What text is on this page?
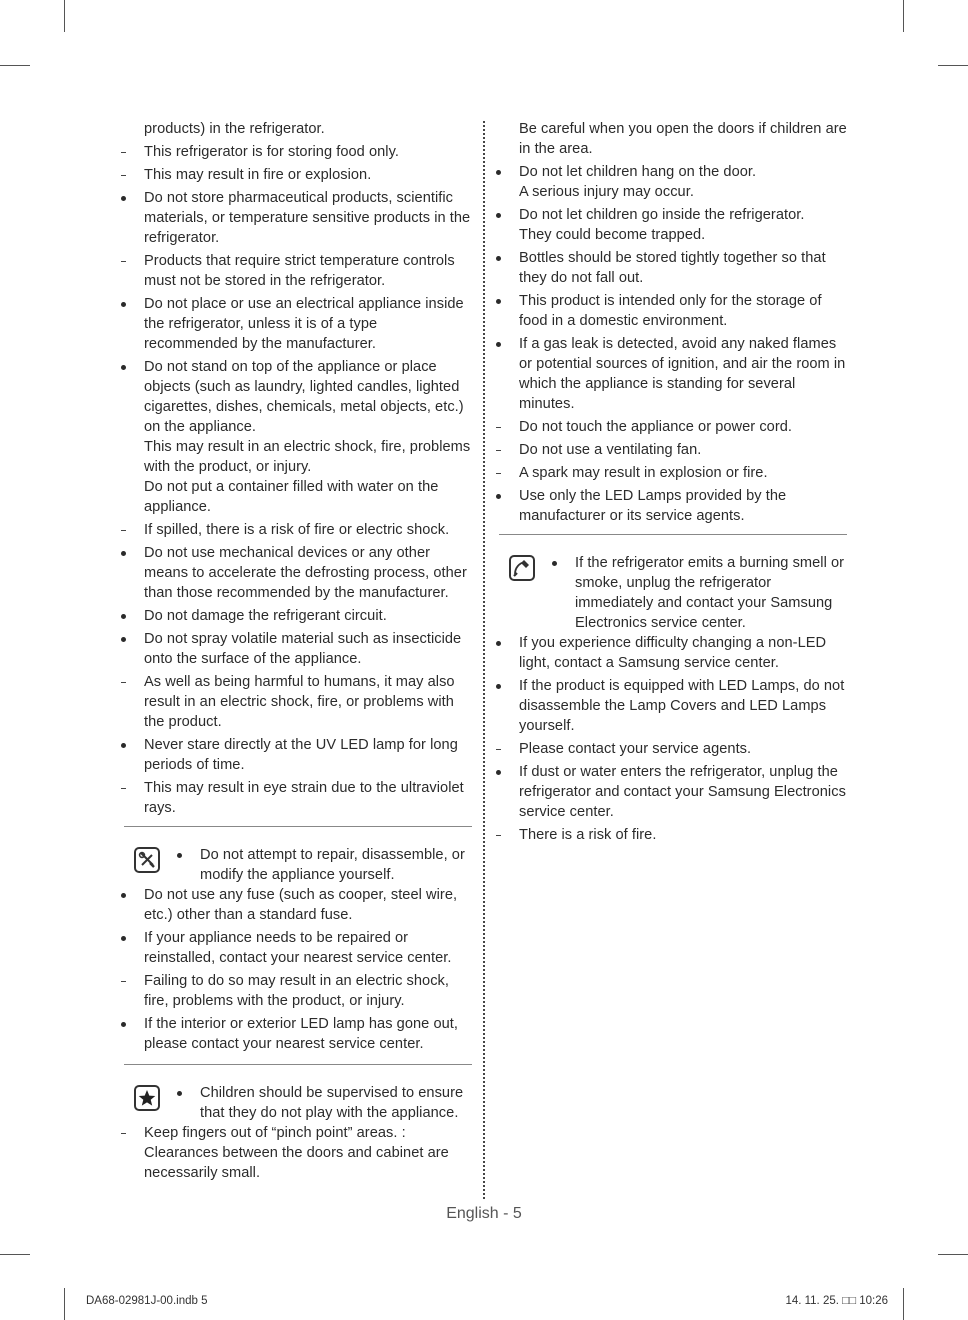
products) in the refrigerator.
This refrigerator is for storing food only.
This may result in fire or explosion.
Do not store pharmaceutical products, scientific materials, or temperature sensitive products in the refrigerator.
Products that require strict temperature controls must not be stored in the refrigerator.
Do not place or use an electrical appliance inside the refrigerator, unless it is of a type recommended by the manufacturer.
Do not stand on top of the appliance or place objects (such as laundry, lighted candles, lighted cigarettes, dishes, chemicals, metal objects, etc.) on the appliance.
This may result in an electric shock, fire, problems with the product, or injury.
Do not put a container filled with water on the appliance.
If spilled, there is a risk of fire or electric shock.
Do not use mechanical devices or any other means to accelerate the defrosting process, other than those recommended by the manufacturer.
Do not damage the refrigerant circuit.
Do not spray volatile material such as insecticide onto the surface of the appliance.
As well as being harmful to humans, it may also result in an electric shock, fire, or problems with the product.
Never stare directly at the UV LED lamp for long periods of time.
This may result in eye strain due to the ultraviolet rays.
Do not attempt to repair, disassemble, or modify the appliance yourself.
Do not use any fuse (such as cooper, steel wire, etc.) other than a standard fuse.
If your appliance needs to be repaired or reinstalled, contact your nearest service center.
Failing to do so may result in an electric shock, fire, problems with the product, or injury.
If the interior or exterior LED lamp has gone out, please contact your nearest service center.
Children should be supervised to ensure that they do not play with the appliance.
Keep fingers out of “pinch point” areas. : Clearances between the doors and cabinet are necessarily small.
Be careful when you open the doors if children are in the area.
Do not let children hang on the door.
A serious injury may occur.
Do not let children go inside the refrigerator.
They could become trapped.
Bottles should be stored tightly together so that they do not fall out.
This product is intended only for the storage of food in a domestic environment.
If a gas leak is detected, avoid any naked flames or potential sources of ignition, and air the room in which the appliance is standing for several minutes.
Do not touch the appliance or power cord.
Do not use a ventilating fan.
A spark may result in explosion or fire.
Use only the LED Lamps provided by the manufacturer or its service agents.
If the refrigerator emits a burning smell or smoke, unplug the refrigerator immediately and contact your Samsung Electronics service center.
If you experience difficulty changing a non-LED light, contact a Samsung service center.
If the product is equipped with LED Lamps, do not disassemble the Lamp Covers and LED Lamps yourself.
Please contact your service agents.
If dust or water enters the refrigerator, unplug the refrigerator and contact your Samsung Electronics service center.
There is a risk of fire.
English - 5
DA68-02981J-00.indb 5	14. 11. 25. □□ 10:26
